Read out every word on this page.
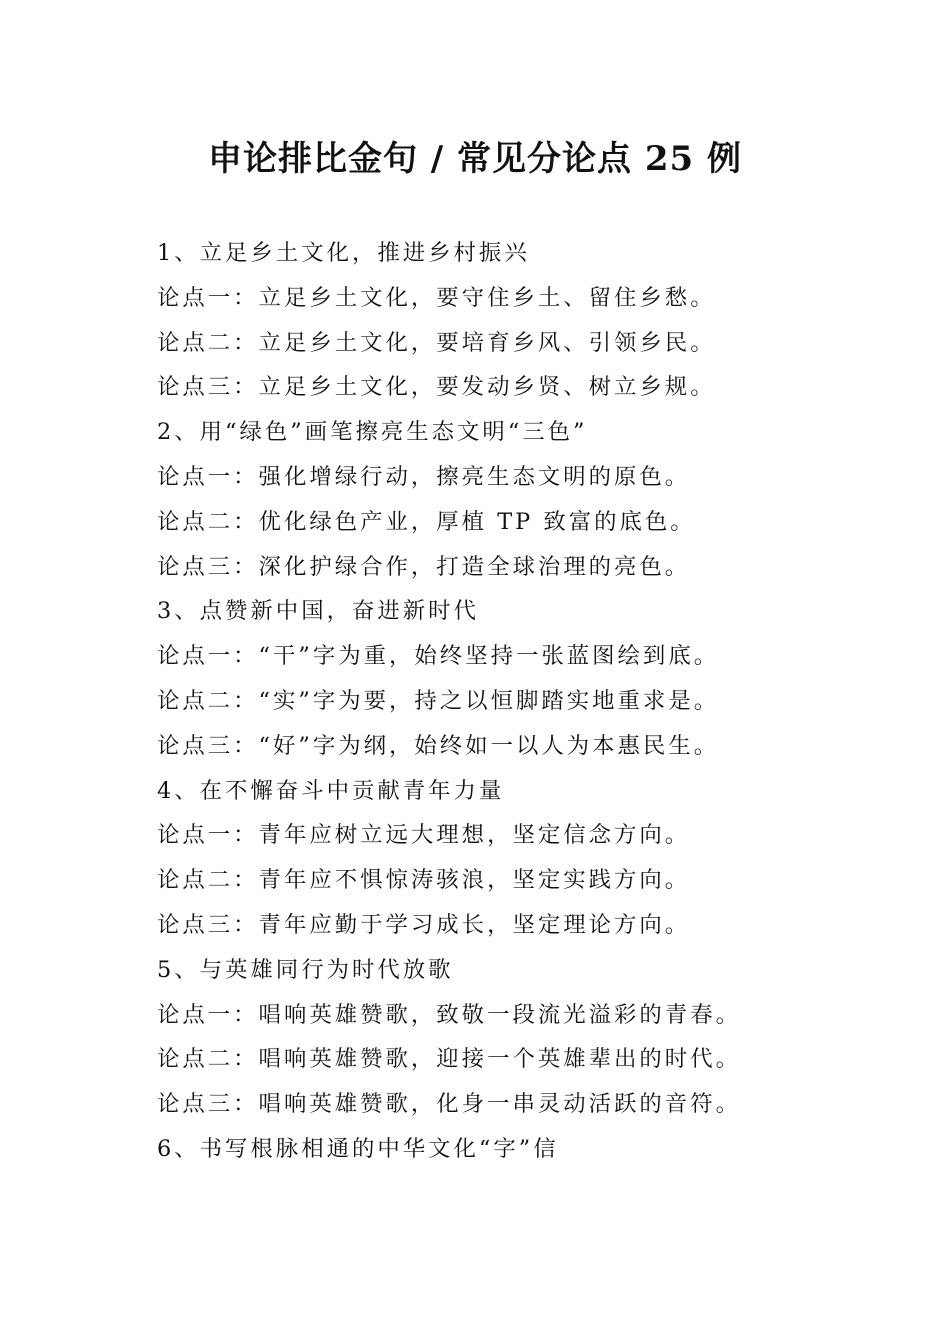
申论排比金句 / 常见分论点 25 例

1、立足乡土文化，推进乡村振兴

论点一：立足乡土文化，要守住乡土、留住乡愁。

论点二：立足乡土文化，要培育乡风、引领乡民。

论点三：立足乡土文化，要发动乡贤、树立乡规。

2、用“绿色”画笔擦亮生态文明“三色”

论点一：强化增绿行动，擦亮生态文明的原色。

论点二：优化绿色产业，厚植 TP 致富的底色。

论点三：深化护绿合作，打造全球治理的亮色。

3、点赞新中国，奋进新时代

论点一：“干”字为重，始终坚持一张蓝图绘到底。

论点二：“实”字为要，持之以恒脚踏实地重求是。

论点三：“好”字为纲，始终如一以人为本惠民生。

4、在不懈奋斗中贡献青年力量

论点一：青年应树立远大理想，坚定信念方向。

论点二：青年应不惧惊涛骇浪，坚定实践方向。

论点三：青年应勤于学习成长，坚定理论方向。

5、与英雄同行为时代放歌

论点一：唱响英雄赞歌，致敬一段流光溢彩的青春。

论点二：唱响英雄赞歌，迎接一个英雄辈出的时代。

论点三：唱响英雄赞歌，化身一串灵动活跃的音符。

6、书写根脉相通的中华文化“字”信
